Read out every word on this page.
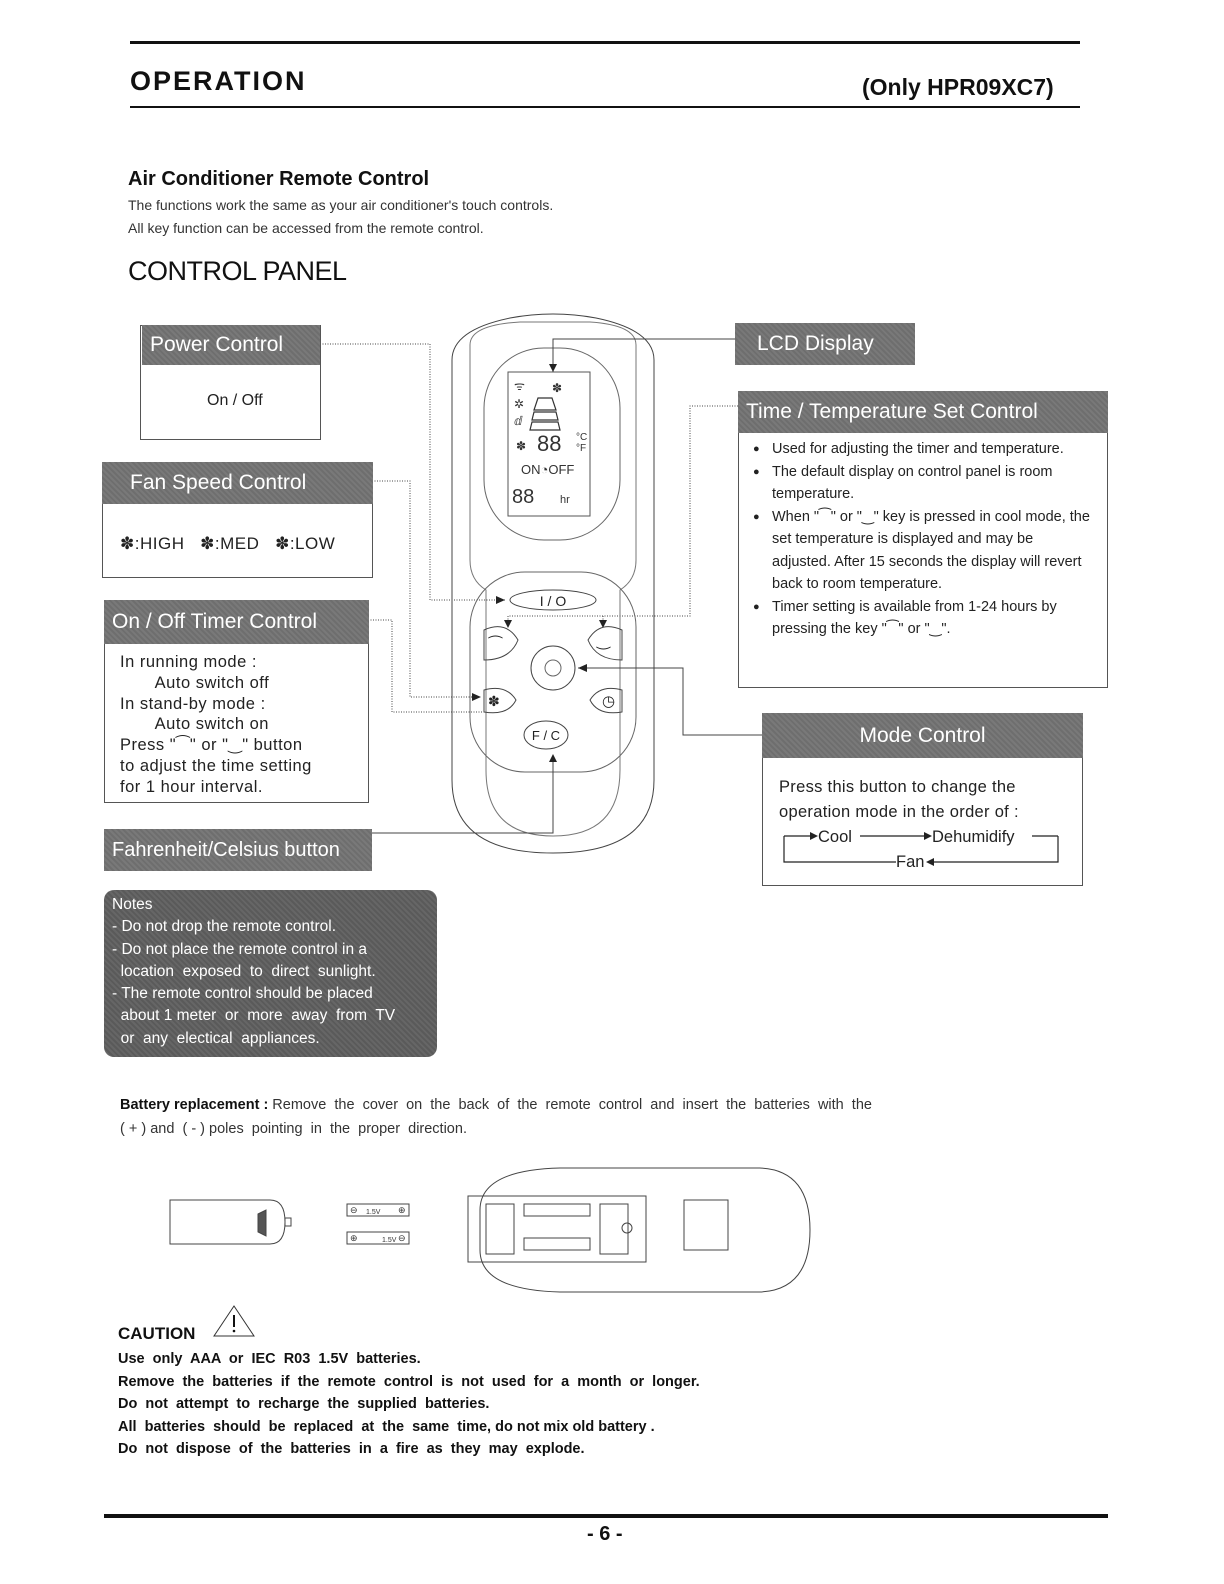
OPERATION	(Only HPR09XC7)
Air Conditioner Remote Control
The functions work the same as your air conditioner's touch controls.
All key function can be accessed from the remote control.
CONTROL PANEL
ᯤ
✲
ⅆ
✽
✽
I / O
⁀	‿
✽	◷
F / C
88 °C
°F
ON◔OFF
88 hr
Power Control
On / Off
Fan Speed Control
✽:HIGH ✽:MED ✽:LOW
On / Off Timer Control
In running mode :
Auto switch off
In stand-by mode :
Auto switch on
Press "⁀" or "‿" button
to adjust the time setting
for 1 hour interval.
Fahrenheit/Celsius button
Notes
- Do not drop the remote control.
- Do not place the remote control in a
location  exposed  to  direct  sunlight.
- The remote control should be placed
about 1 meter  or  more  away  from  TV
or  any  electical  appliances.
LCD Display
Time / Temperature Set Control
● Used for adjusting the timer and temperature.
● The default display on control panel is room temperature.
● When "⁀" or "‿" key is pressed in cool mode, the set temperature is displayed and may be adjusted. After 15 seconds the display will revert back to room temperature.
● Timer setting is available from 1-24 hours by pressing the key "⁀" or "‿".
Mode Control
Press this button to change the operation mode in the order of :
Cool	Dehumidify
Fan
Battery replacement : Remove  the  cover  on  the  back  of  the  remote  control  and  insert  the  batteries  with  the
( + ) and  ( - ) poles  pointing  in  the  proper  direction.
1.5V
1.5V
⊖	⊕
⊕	⊖
CAUTION
Use  only  AAA  or  IEC  R03  1.5V  batteries.
Remove  the  batteries  if  the  remote  control  is  not  used  for  a  month  or  longer.
Do  not  attempt  to  recharge  the  supplied  batteries.
All  batteries  should  be  replaced  at  the  same  time, do not mix old battery .
Do  not  dispose  of  the  batteries  in  a  fire  as  they  may  explode.
- 6 -
